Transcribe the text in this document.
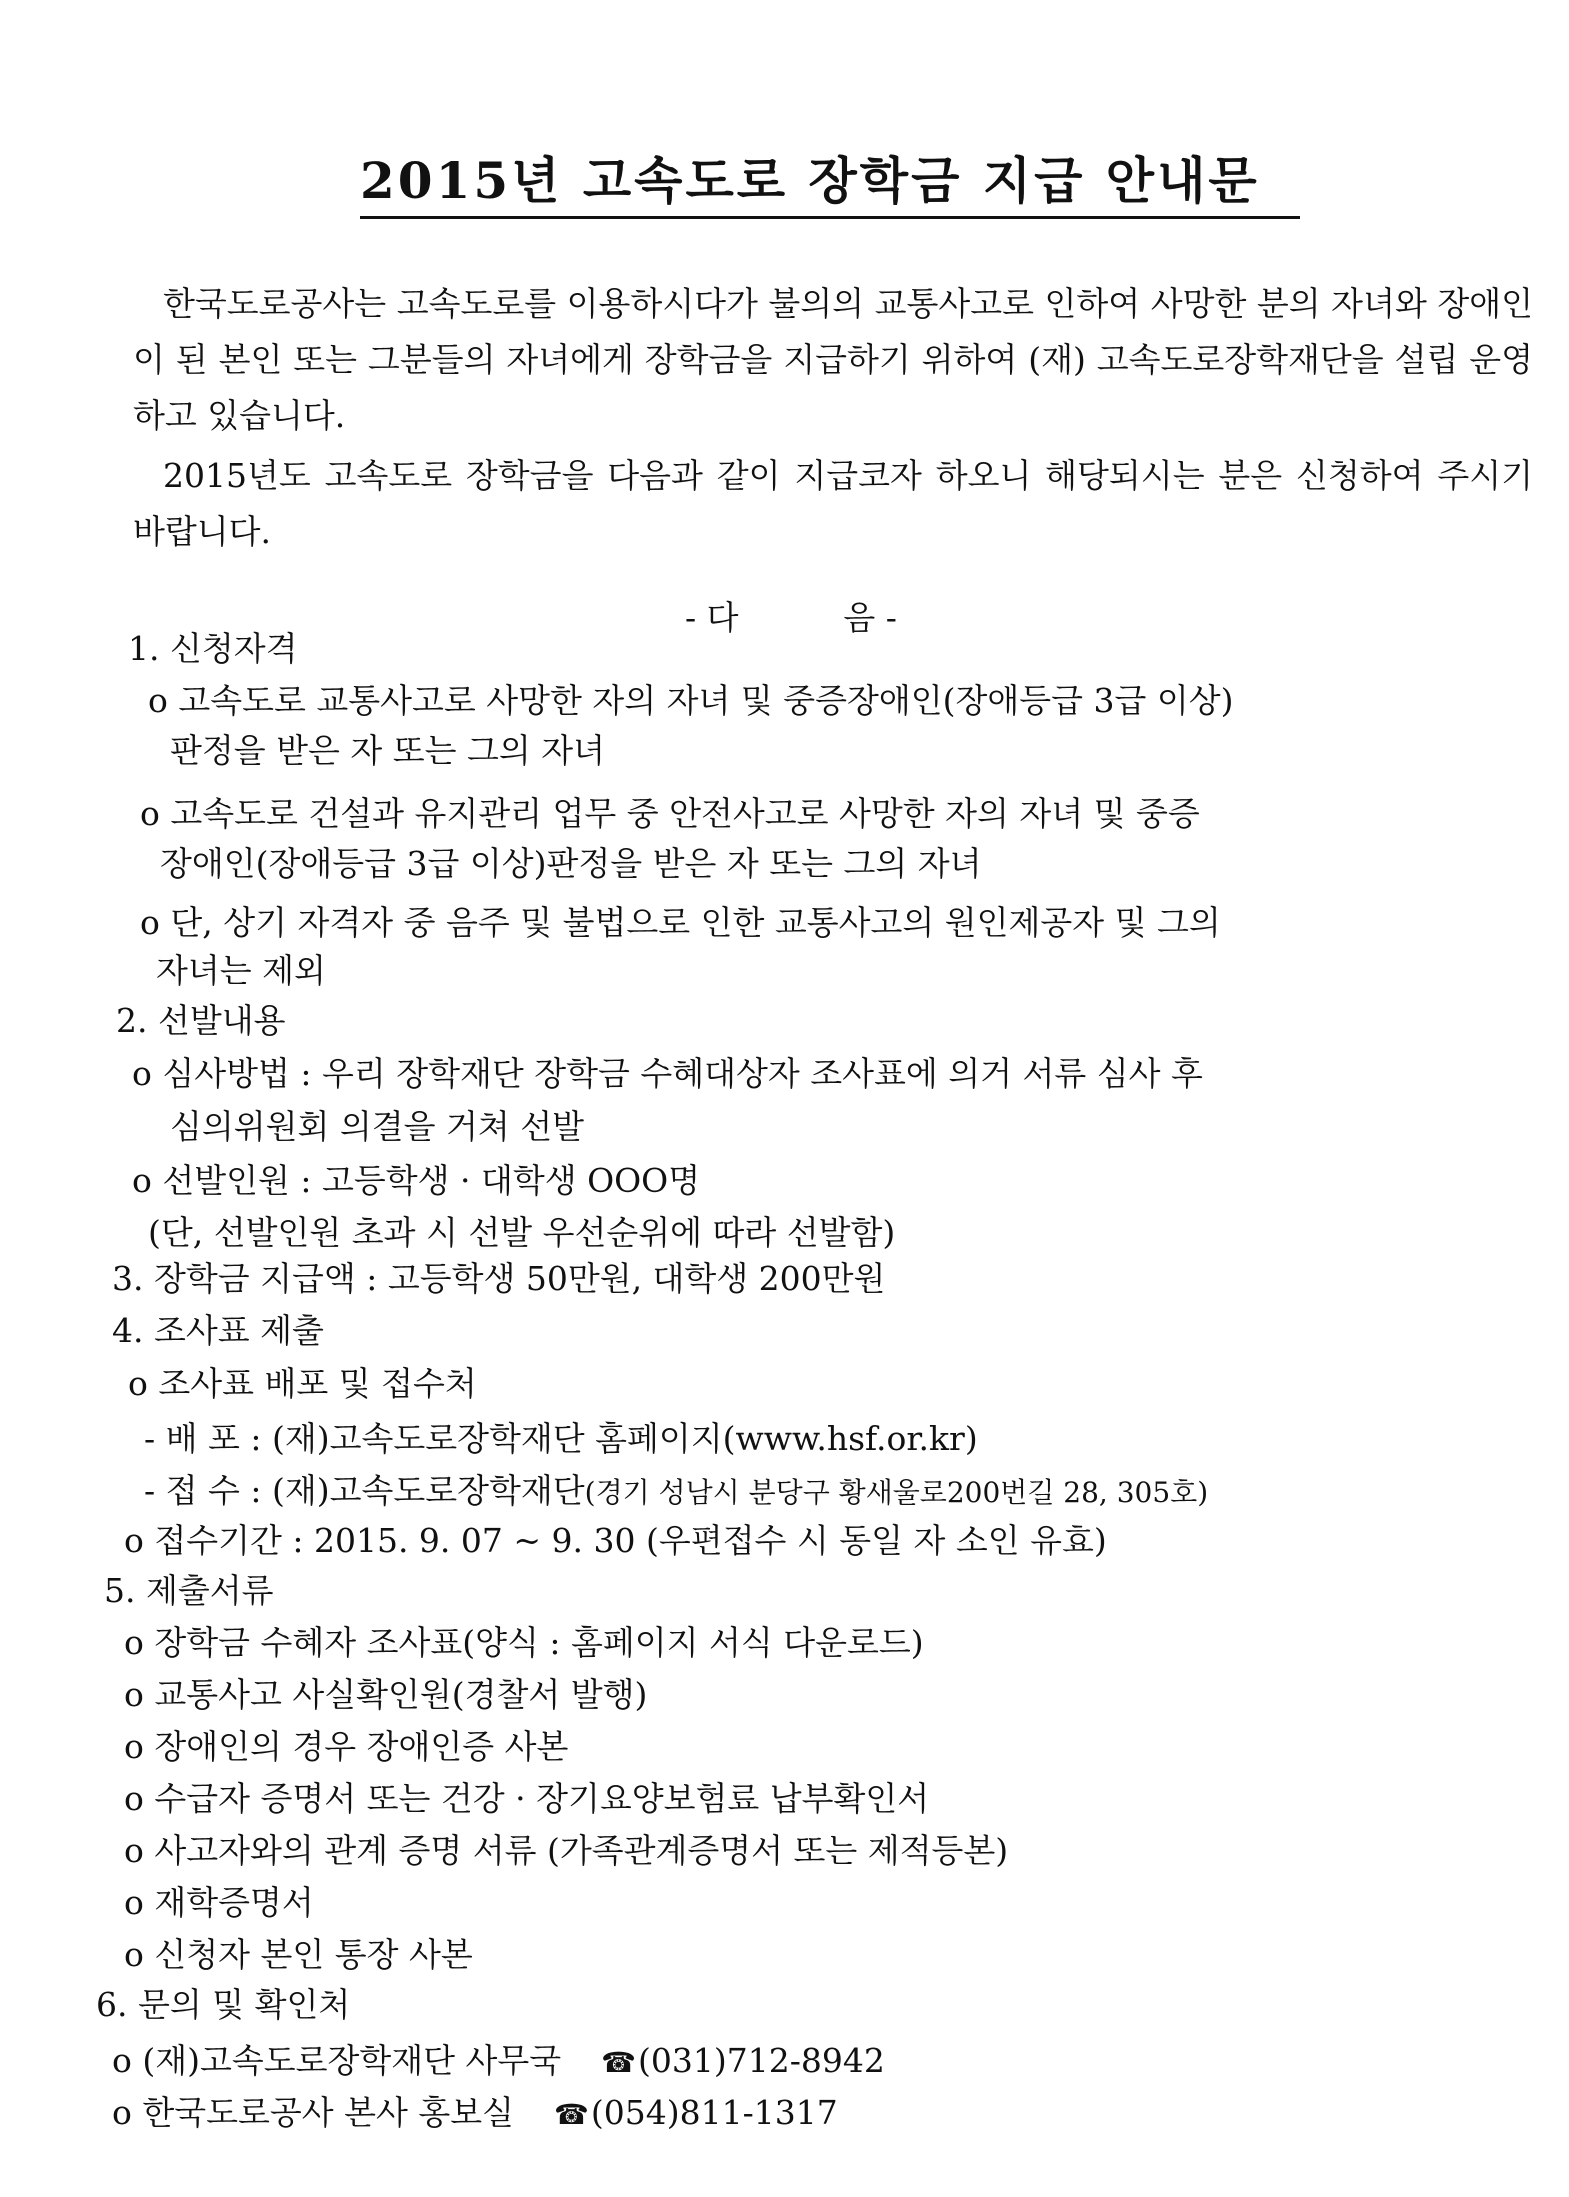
2015년 고속도로 장학금 지급 안내문

한국도로공사는 고속도로를 이용하시다가 불의의 교통사고로 인하여 사망한 분의 자녀와 장애인이 된 본인 또는 그분들의 자녀에게 장학금을 지급하기 위하여 (재) 고속도로장학재단을 설립 운영하고 있습니다.

2015년도 고속도로 장학금을 다음과 같이 지급코자 하오니 해당되시는 분은 신청하여 주시기 바랍니다.

- 다          음 -
1. 신청자격
o 고속도로 교통사고로 사망한 자의 자녀 및 중증장애인(장애등급 3급 이상)
판정을 받은 자 또는 그의 자녀
o 고속도로 건설과 유지관리 업무 중 안전사고로 사망한 자의 자녀 및 중증
장애인(장애등급 3급 이상)판정을 받은 자 또는 그의 자녀
o 단, 상기 자격자 중 음주 및 불법으로 인한 교통사고의 원인제공자 및 그의
자녀는 제외
2. 선발내용
o 심사방법 : 우리 장학재단 장학금 수혜대상자 조사표에 의거 서류 심사 후
심의위원회 의결을 거쳐 선발
o 선발인원 : 고등학생 · 대학생 OOO명
(단, 선발인원 초과 시 선발 우선순위에 따라 선발함)
3. 장학금 지급액 : 고등학생 50만원, 대학생 200만원
4. 조사표 제출
o 조사표 배포 및 접수처
- 배 포 : (재)고속도로장학재단 홈페이지(www.hsf.or.kr)
- 접 수 : (재)고속도로장학재단(경기 성남시 분당구 황새울로200번길 28, 305호)
o 접수기간 : 2015. 9. 07 ~ 9. 30 (우편접수 시 동일 자 소인 유효)
5. 제출서류
o 장학금 수혜자 조사표(양식 : 홈페이지 서식 다운로드)
o 교통사고 사실확인원(경찰서 발행)
o 장애인의 경우 장애인증 사본
o 수급자 증명서 또는 건강 · 장기요양보험료 납부확인서
o 사고자와의 관계 증명 서류 (가족관계증명서 또는 제적등본)
o 재학증명서
o 신청자 본인 통장 사본
6. 문의 및 확인처
o (재)고속도로장학재단 사무국 ☎(031)712-8942
o 한국도로공사 본사 홍보실 ☎(054)811-1317
